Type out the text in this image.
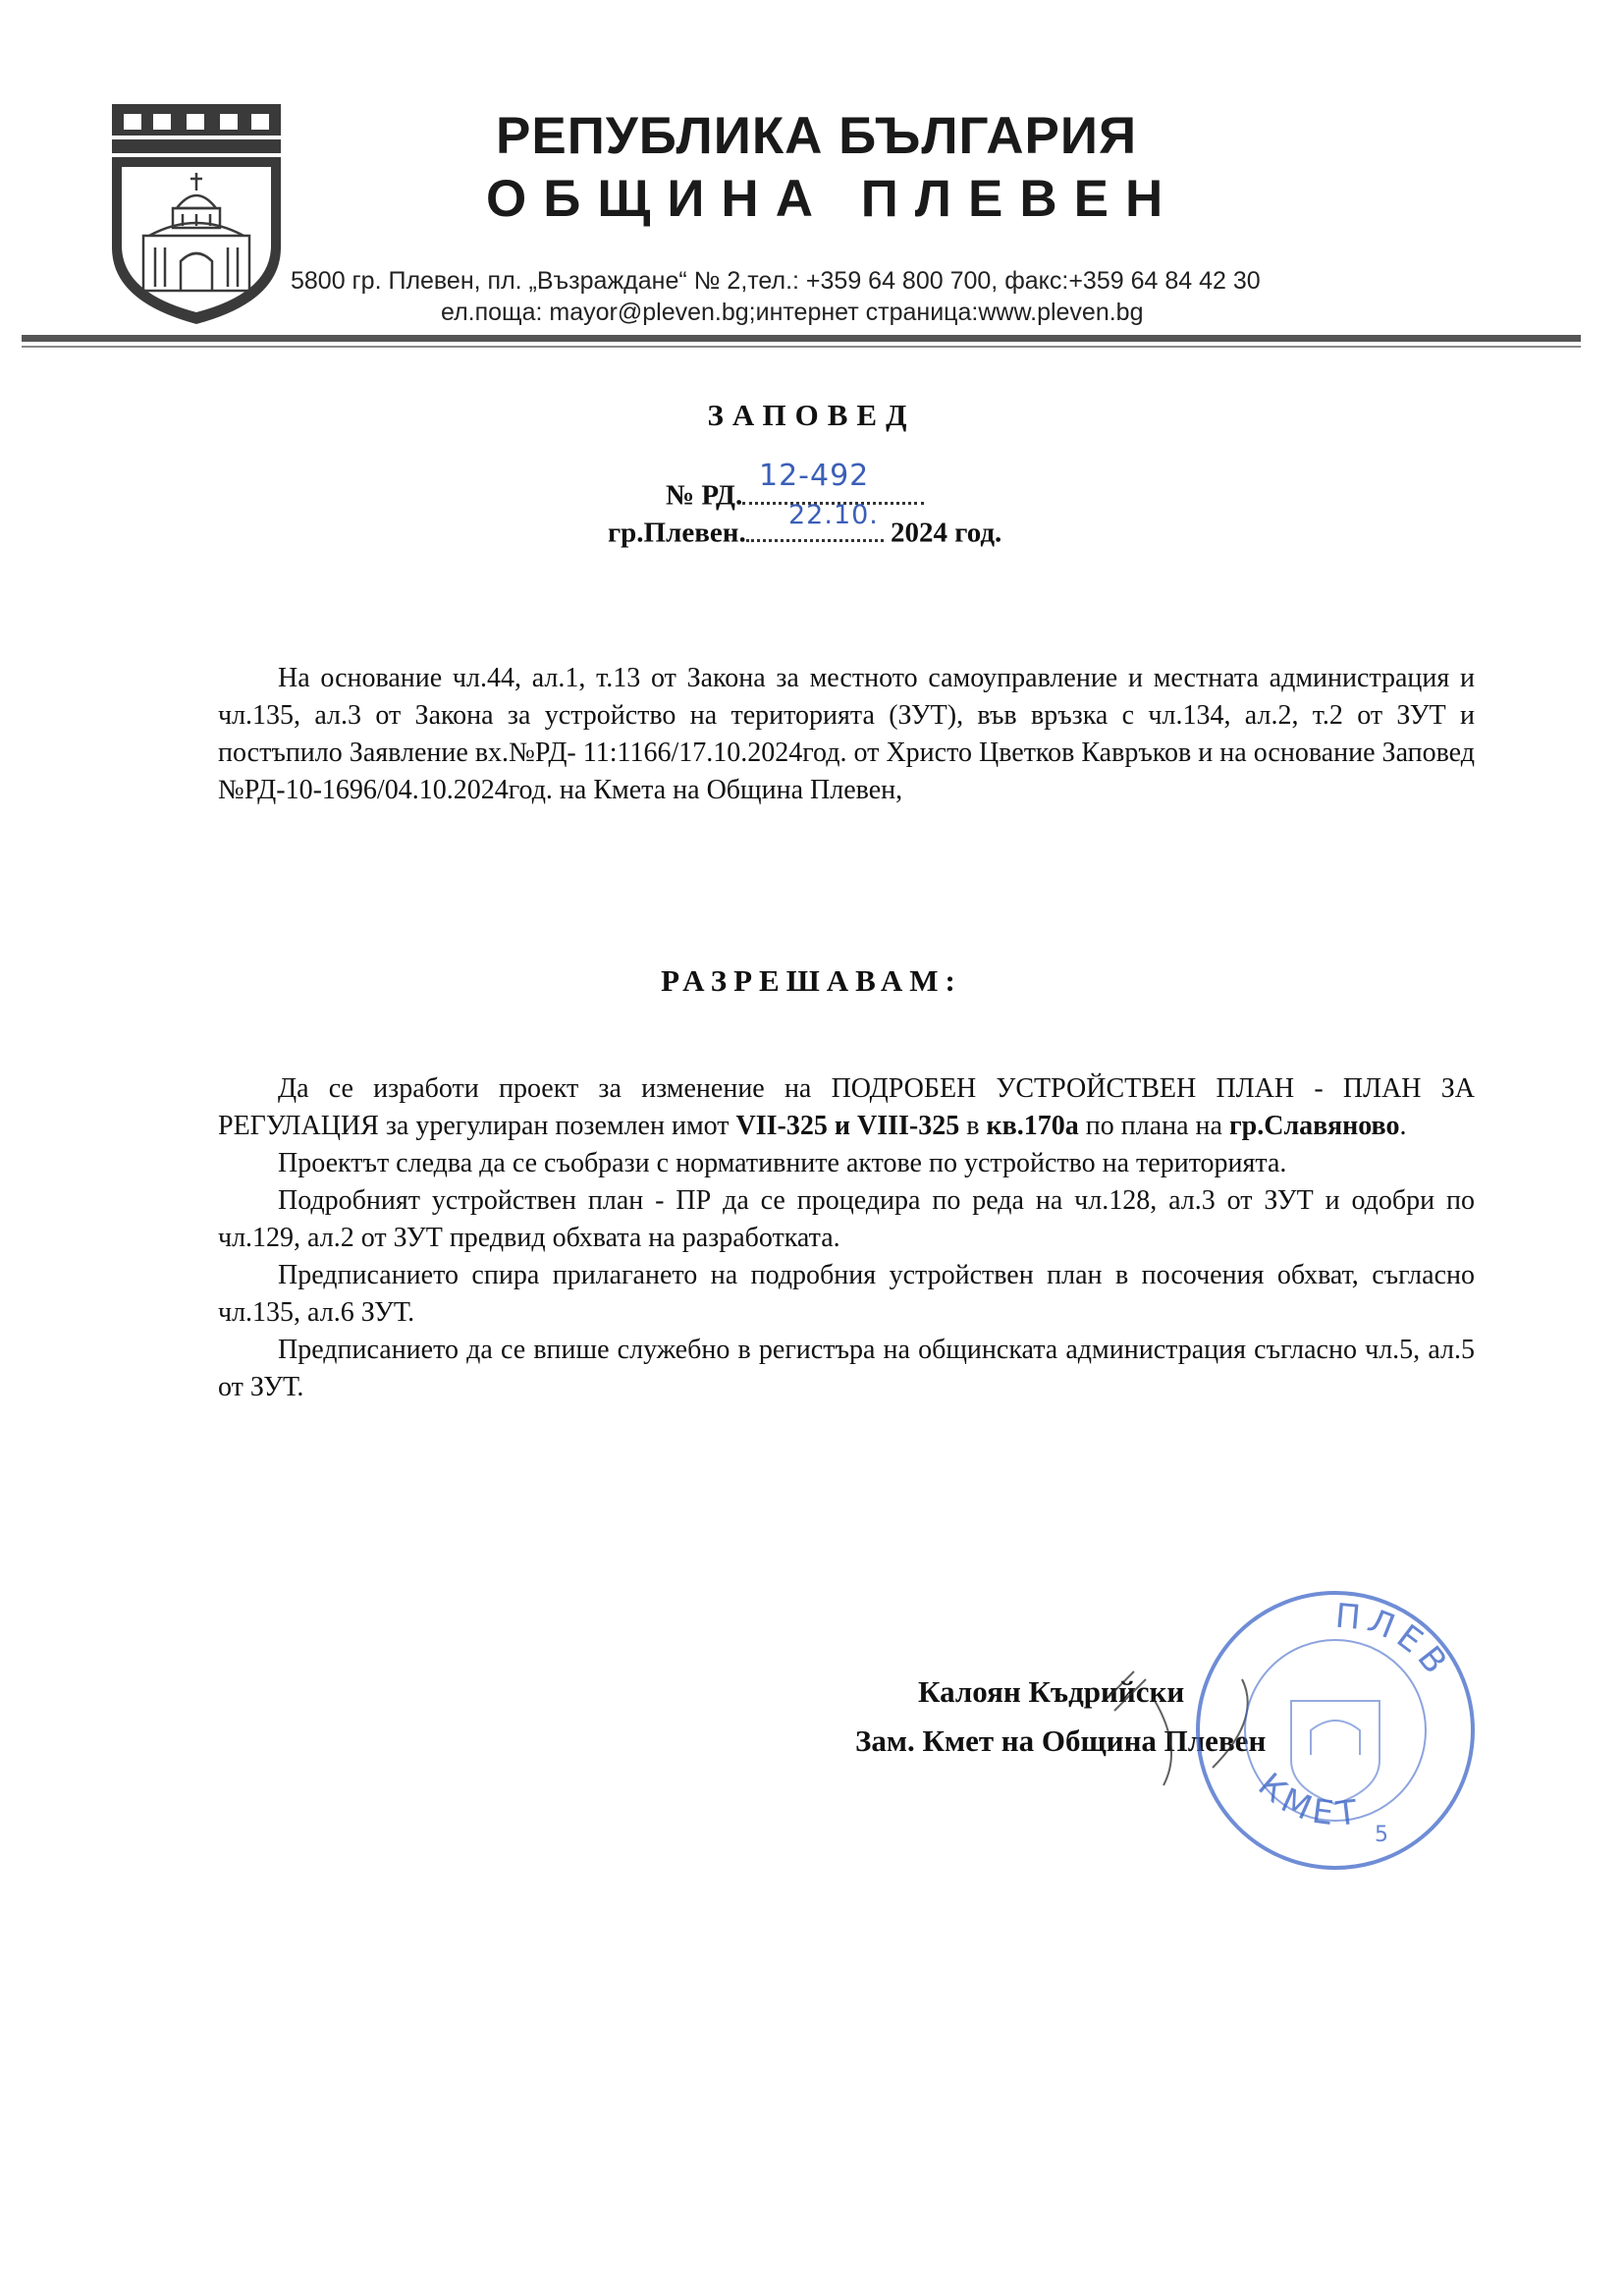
РЕПУБЛИКА БЪЛГАРИЯ
ОБЩИНА ПЛЕВЕН
5800 гр. Плевен, пл. „Възраждане“ № 2,тел.: +359 64 800 700, факс:+359 64 84 42 30
ел.поща: mayor@pleven.bg;интернет страница:www.pleven.bg
ЗАПОВЕД
№ РД.
12-492
гр.Плевен.	2024 год.
22.10.

На основание чл.44, ал.1, т.13 от Закона за местното самоуправление и местната администрация и чл.135, ал.3 от Закона за устройство на територията (ЗУТ), във връзка с чл.134, ал.2, т.2 от ЗУТ и постъпило Заявление вх.№РД- 11:1166/17.10.2024год. от Христо Цветков Кавръков и на основание Заповед №РД-10-1696/04.10.2024год. на Кмета на Община Плевен,

РАЗРЕШАВАМ:

Да се изработи проект за изменение на ПОДРОБЕН УСТРОЙСТВЕН ПЛАН - ПЛАН ЗА РЕГУЛАЦИЯ за урегулиран поземлен имот VII-325 и VIII-325 в кв.170а по плана на гр.Славяново.

Проектът следва да се съобрази с нормативните актове по устройство на територията.

Подробният устройствен план - ПР да се процедира по реда на чл.128, ал.3 от ЗУТ и одобри по чл.129, ал.2 от ЗУТ предвид обхвата на разработката.

Предписанието спира прилагането на подробния устройствен план в посочения обхват, съгласно чл.135, ал.6 ЗУТ.

Предписанието да се впише служебно в регистъра на общинската администрация съгласно чл.5, ал.5 от ЗУТ.

Калоян Къдрийски
Зам. Кмет на Община Плевен
ПЛЕВ
КМЕТ
5
